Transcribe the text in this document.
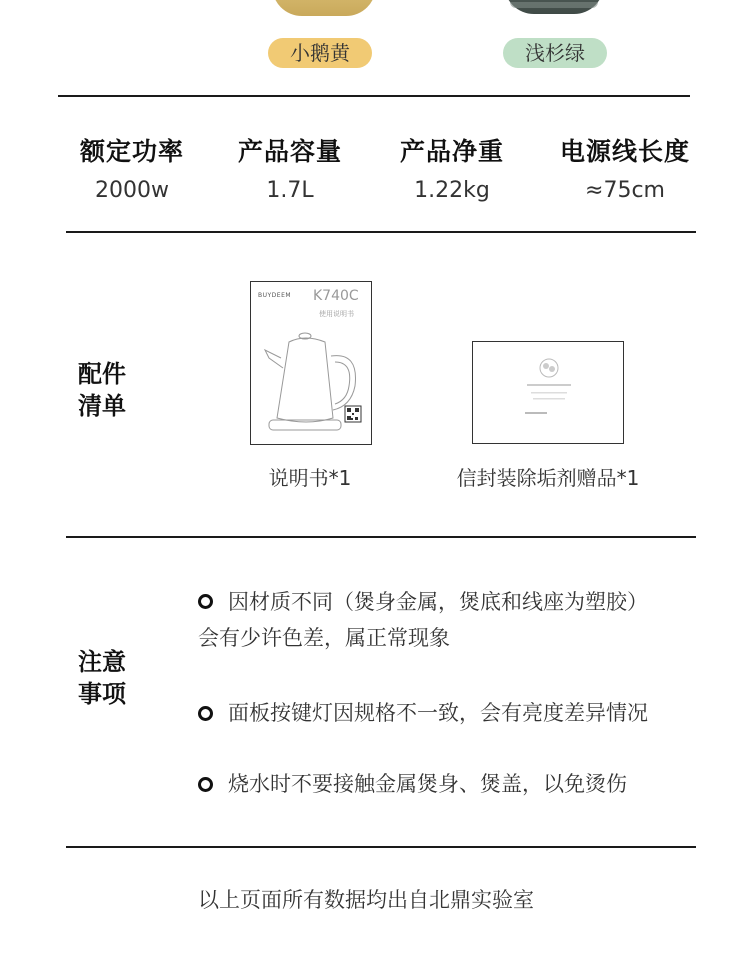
小鹅黄	浅杉绿
额定功率	产品容量	产品净重	电源线长度
2000w	1.7L	1.22kg	≈75cm
配件
清单
BUYDEEM K740C
使用说明书
说明书*1	信封装除垢剂赠品*1
注意
事项
因材质不同（煲身金属，煲底和线座为塑胶）
会有少许色差，属正常现象
面板按键灯因规格不一致，会有亮度差异情况
烧水时不要接触金属煲身、煲盖，以免烫伤
以上页面所有数据均出自北鼎实验室
